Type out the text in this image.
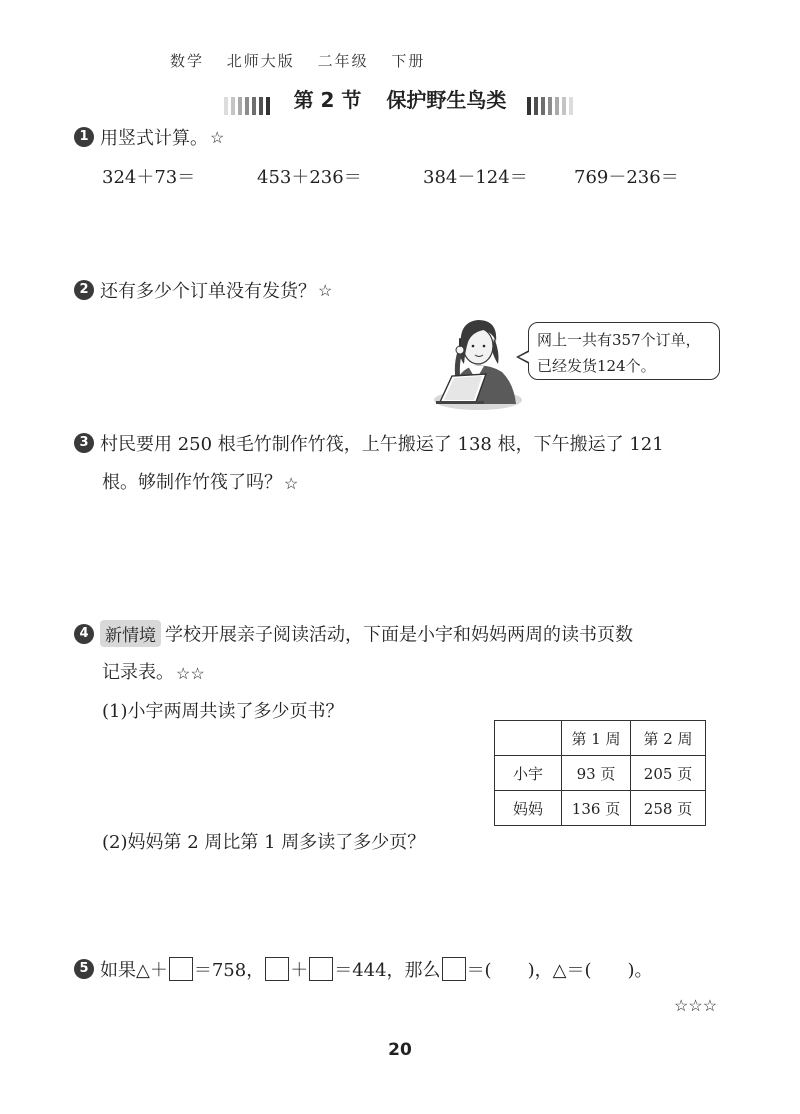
数学 北师大版 二年级 下册
第 2 节 保护野生鸟类
1 用竖式计算。 ☆
324＋73＝	453＋236＝	384－124＝	769－236＝
2 还有多少个订单没有发货？ ☆
网上一共有357个订单，
已经发货124个。
3 村民要用 250 根毛竹制作竹筏，上午搬运了 138 根，下午搬运了 121
根。够制作竹筏了吗？ ☆
4 新情境 学校开展亲子阅读活动，下面是小宇和妈妈两周的读书页数
记录表。 ☆☆
(1)小宇两周共读了多少页书？
	第 1 周	第 2 周
小宇	93 页	205 页
妈妈	136 页	258 页
(2)妈妈第 2 周比第 1 周多读了多少页？
5 如果△＋ ＝758， ＋ ＝444，那么 ＝(　　)，△＝(　　)。
☆☆☆
20
